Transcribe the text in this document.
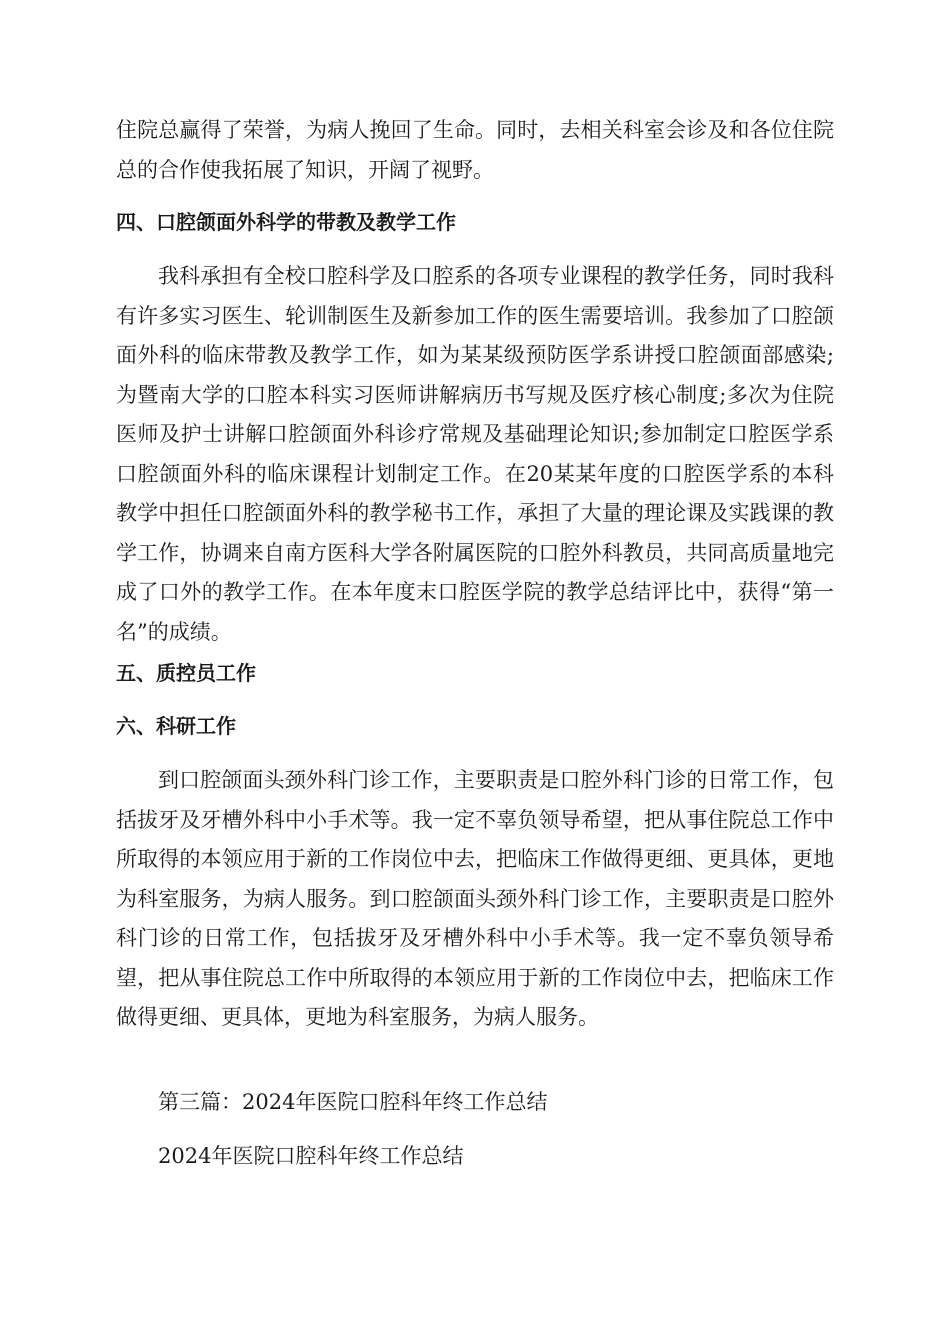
住院总赢得了荣誉，为病人挽回了生命。同时，去相关科室会诊及和各位住院总的合作使我拓展了知识，开阔了视野。

四、口腔颌面外科学的带教及教学工作

我科承担有全校口腔科学及口腔系的各项专业课程的教学任务，同时我科有许多实习医生、轮训制医生及新参加工作的医生需要培训。我参加了口腔颌面外科的临床带教及教学工作，如为某某级预防医学系讲授口腔颌面部感染;为暨南大学的口腔本科实习医师讲解病历书写规及医疗核心制度;多次为住院医师及护士讲解口腔颌面外科诊疗常规及基础理论知识;参加制定口腔医学系口腔颌面外科的临床课程计划制定工作。在20某某年度的口腔医学系的本科教学中担任口腔颌面外科的教学秘书工作，承担了大量的理论课及实践课的教学工作，协调来自南方医科大学各附属医院的口腔外科教员，共同高质量地完成了口外的教学工作。在本年度末口腔医学院的教学总结评比中，获得“第一名”的成绩。

五、质控员工作

六、科研工作

到口腔颌面头颈外科门诊工作，主要职责是口腔外科门诊的日常工作，包括拔牙及牙槽外科中小手术等。我一定不辜负领导希望，把从事住院总工作中所取得的本领应用于新的工作岗位中去，把临床工作做得更细、更具体，更地为科室服务，为病人服务。到口腔颌面头颈外科门诊工作，主要职责是口腔外科门诊的日常工作，包括拔牙及牙槽外科中小手术等。我一定不辜负领导希望，把从事住院总工作中所取得的本领应用于新的工作岗位中去，把临床工作做得更细、更具体，更地为科室服务，为病人服务。

第三篇：2024年医院口腔科年终工作总结

2024年医院口腔科年终工作总结
